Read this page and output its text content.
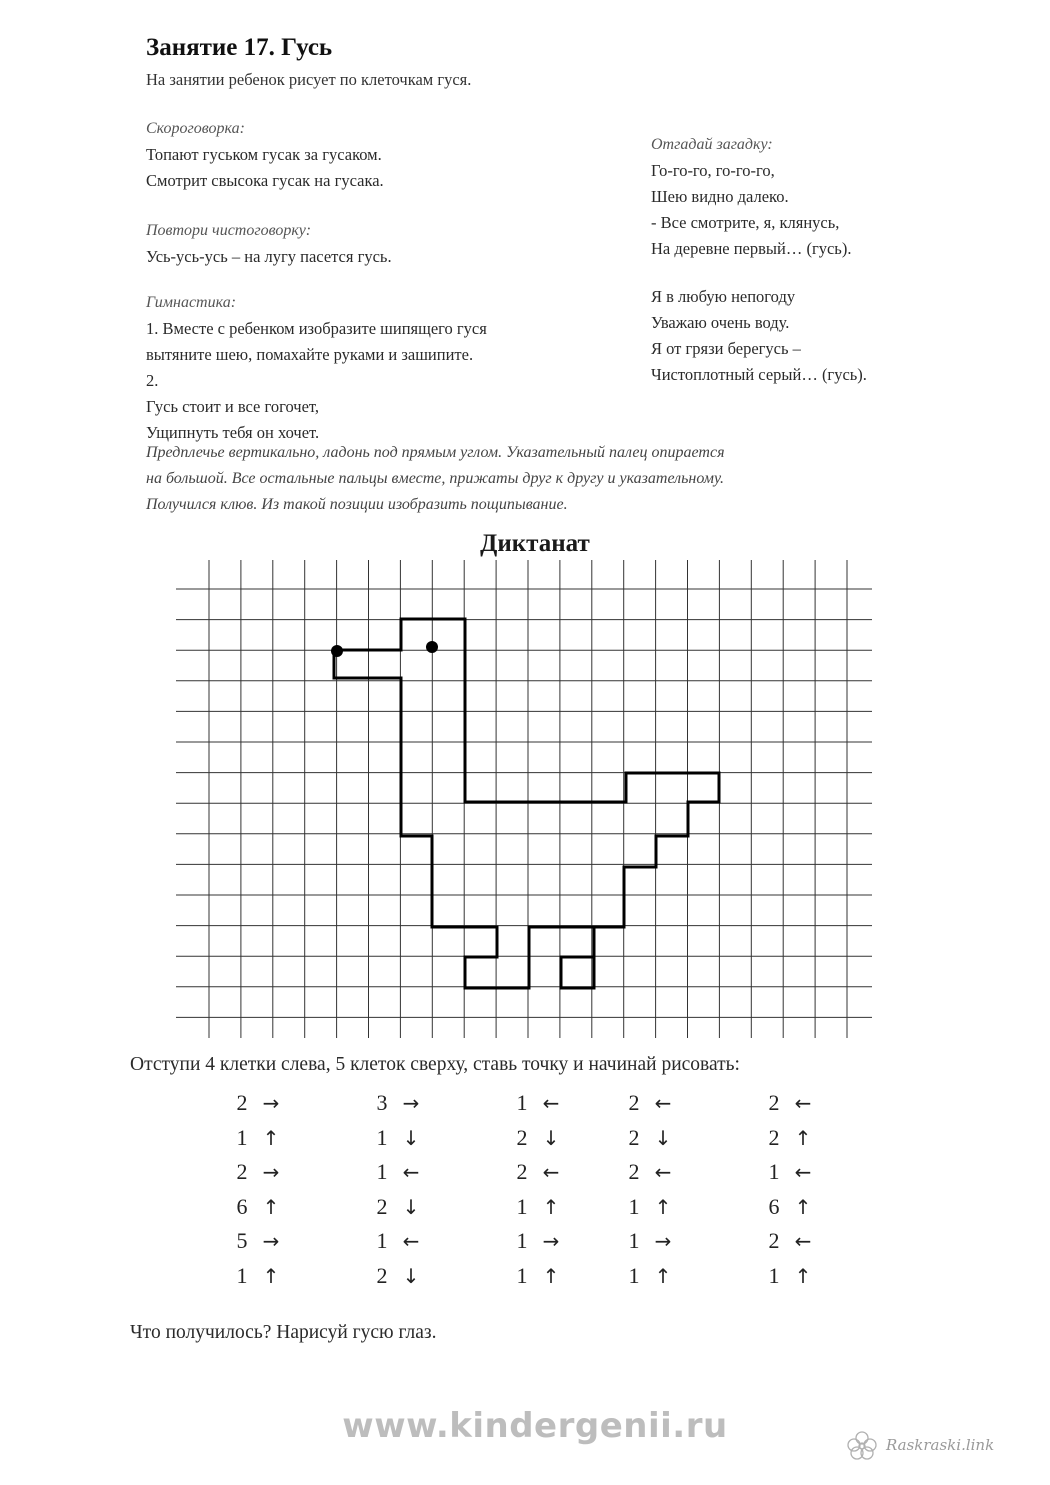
Занятие 17. Гусь
На занятии ребенок рисует по клеточкам гуся.

Скороговорка:

Топают гуськом гусак за гусаком.

Смотрит свысока гусак на гусака.

Повтори чистоговорку:

Усь-усь-усь – на лугу пасется гусь.

Гимнастика:

1. Вместе с ребенком изобразите шипящего гуся

вытяните шею, помахайте руками и зашипите.

2.

Гусь стоит и все гогочет,

Ущипнуть тебя он хочет.

Отгадай загадку:

Го-го-го, го-го-го,

Шею видно далеко.

- Все смотрите, я, клянусь,

На деревне первый… (гусь).

Я в любую непогоду

Уважаю очень воду.

Я от грязи берегусь –

Чистоплотный серый… (гусь).

Предплечье вертикально, ладонь под прямым углом. Указательный палец опирается
на большой. Все остальные пальцы вместе, прижаты друг к другу и указательному.
Получился клюв. Из такой позиции изобразить пощипывание.
Диктанат
Отступи 4 клетки слева, 5 клеток сверху, ставь точку и начинай рисовать:
2 →
1 ↑
2 →
6 ↑
5 →
1 ↑
3 →
1 ↓
1 ←
2 ↓
1 ←
2 ↓
1 ←
2 ↓
2 ←
1 ↑
1 →
1 ↑
2 ←
2 ↓
2 ←
1 ↑
1 →
1 ↑
2 ←
2 ↑
1 ←
6 ↑
2 ←
1 ↑
Что получилось? Нарисуй гусю глаз.
www.kindergenii.ru	Raskraski.link
